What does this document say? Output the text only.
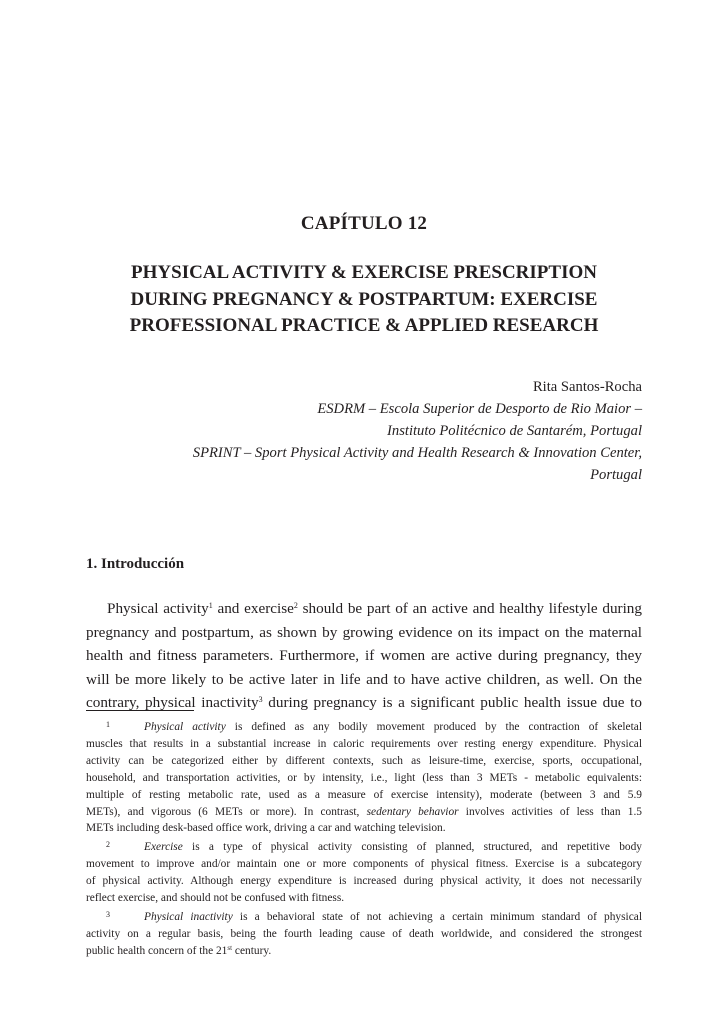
CAPÍTULO 12
PHYSICAL ACTIVITY & EXERCISE PRESCRIPTION
DURING PREGNANCY & POSTPARTUM: EXERCISE
PROFESSIONAL PRACTICE & APPLIED RESEARCH
Rita Santos-Rocha
ESDRM – Escola Superior de Desporto de Rio Maior –
Instituto Politécnico de Santarém, Portugal
SPRINT – Sport Physical Activity and Health Research & Innovation Center,
Portugal
1. Introducción
Physical activity$^1$ and exercise$^2$ should be part of an active and healthy lifestyle during
pregnancy and postpartum, as shown by growing evidence on its impact on the maternal
health and fitness parameters. Furthermore, if women are active during pregnancy, they
will be more likely to be active later in life and to have active children, as well. On the
contrary, physical inactivity$^3$ during pregnancy is a significant public health issue due to
1	Physical activity is defined as any bodily movement produced by the contraction of skeletal
muscles that results in a substantial increase in caloric requirements over resting energy expenditure. Physical
activity can be categorized either by different contexts, such as leisure-time, exercise, sports, occupational,
household, and transportation activities, or by intensity, i.e., light (less than 3 METs - metabolic equivalents:
multiple of resting metabolic rate, used as a measure of exercise intensity), moderate (between 3 and 5.9
METs), and vigorous (6 METs or more). In contrast, sedentary behavior involves activities of less than 1.5
METs including desk-based office work, driving a car and watching television.
2	Exercise is a type of physical activity consisting of planned, structured, and repetitive body
movement to improve and/or maintain one or more components of physical fitness. Exercise is a subcategory
of physical activity. Although energy expenditure is increased during physical activity, it does not necessarily
reflect exercise, and should not be confused with fitness.
3	Physical inactivity is a behavioral state of not achieving a certain minimum standard of physical
activity on a regular basis, being the fourth leading cause of death worldwide, and considered the strongest
public health concern of the 21st century.
